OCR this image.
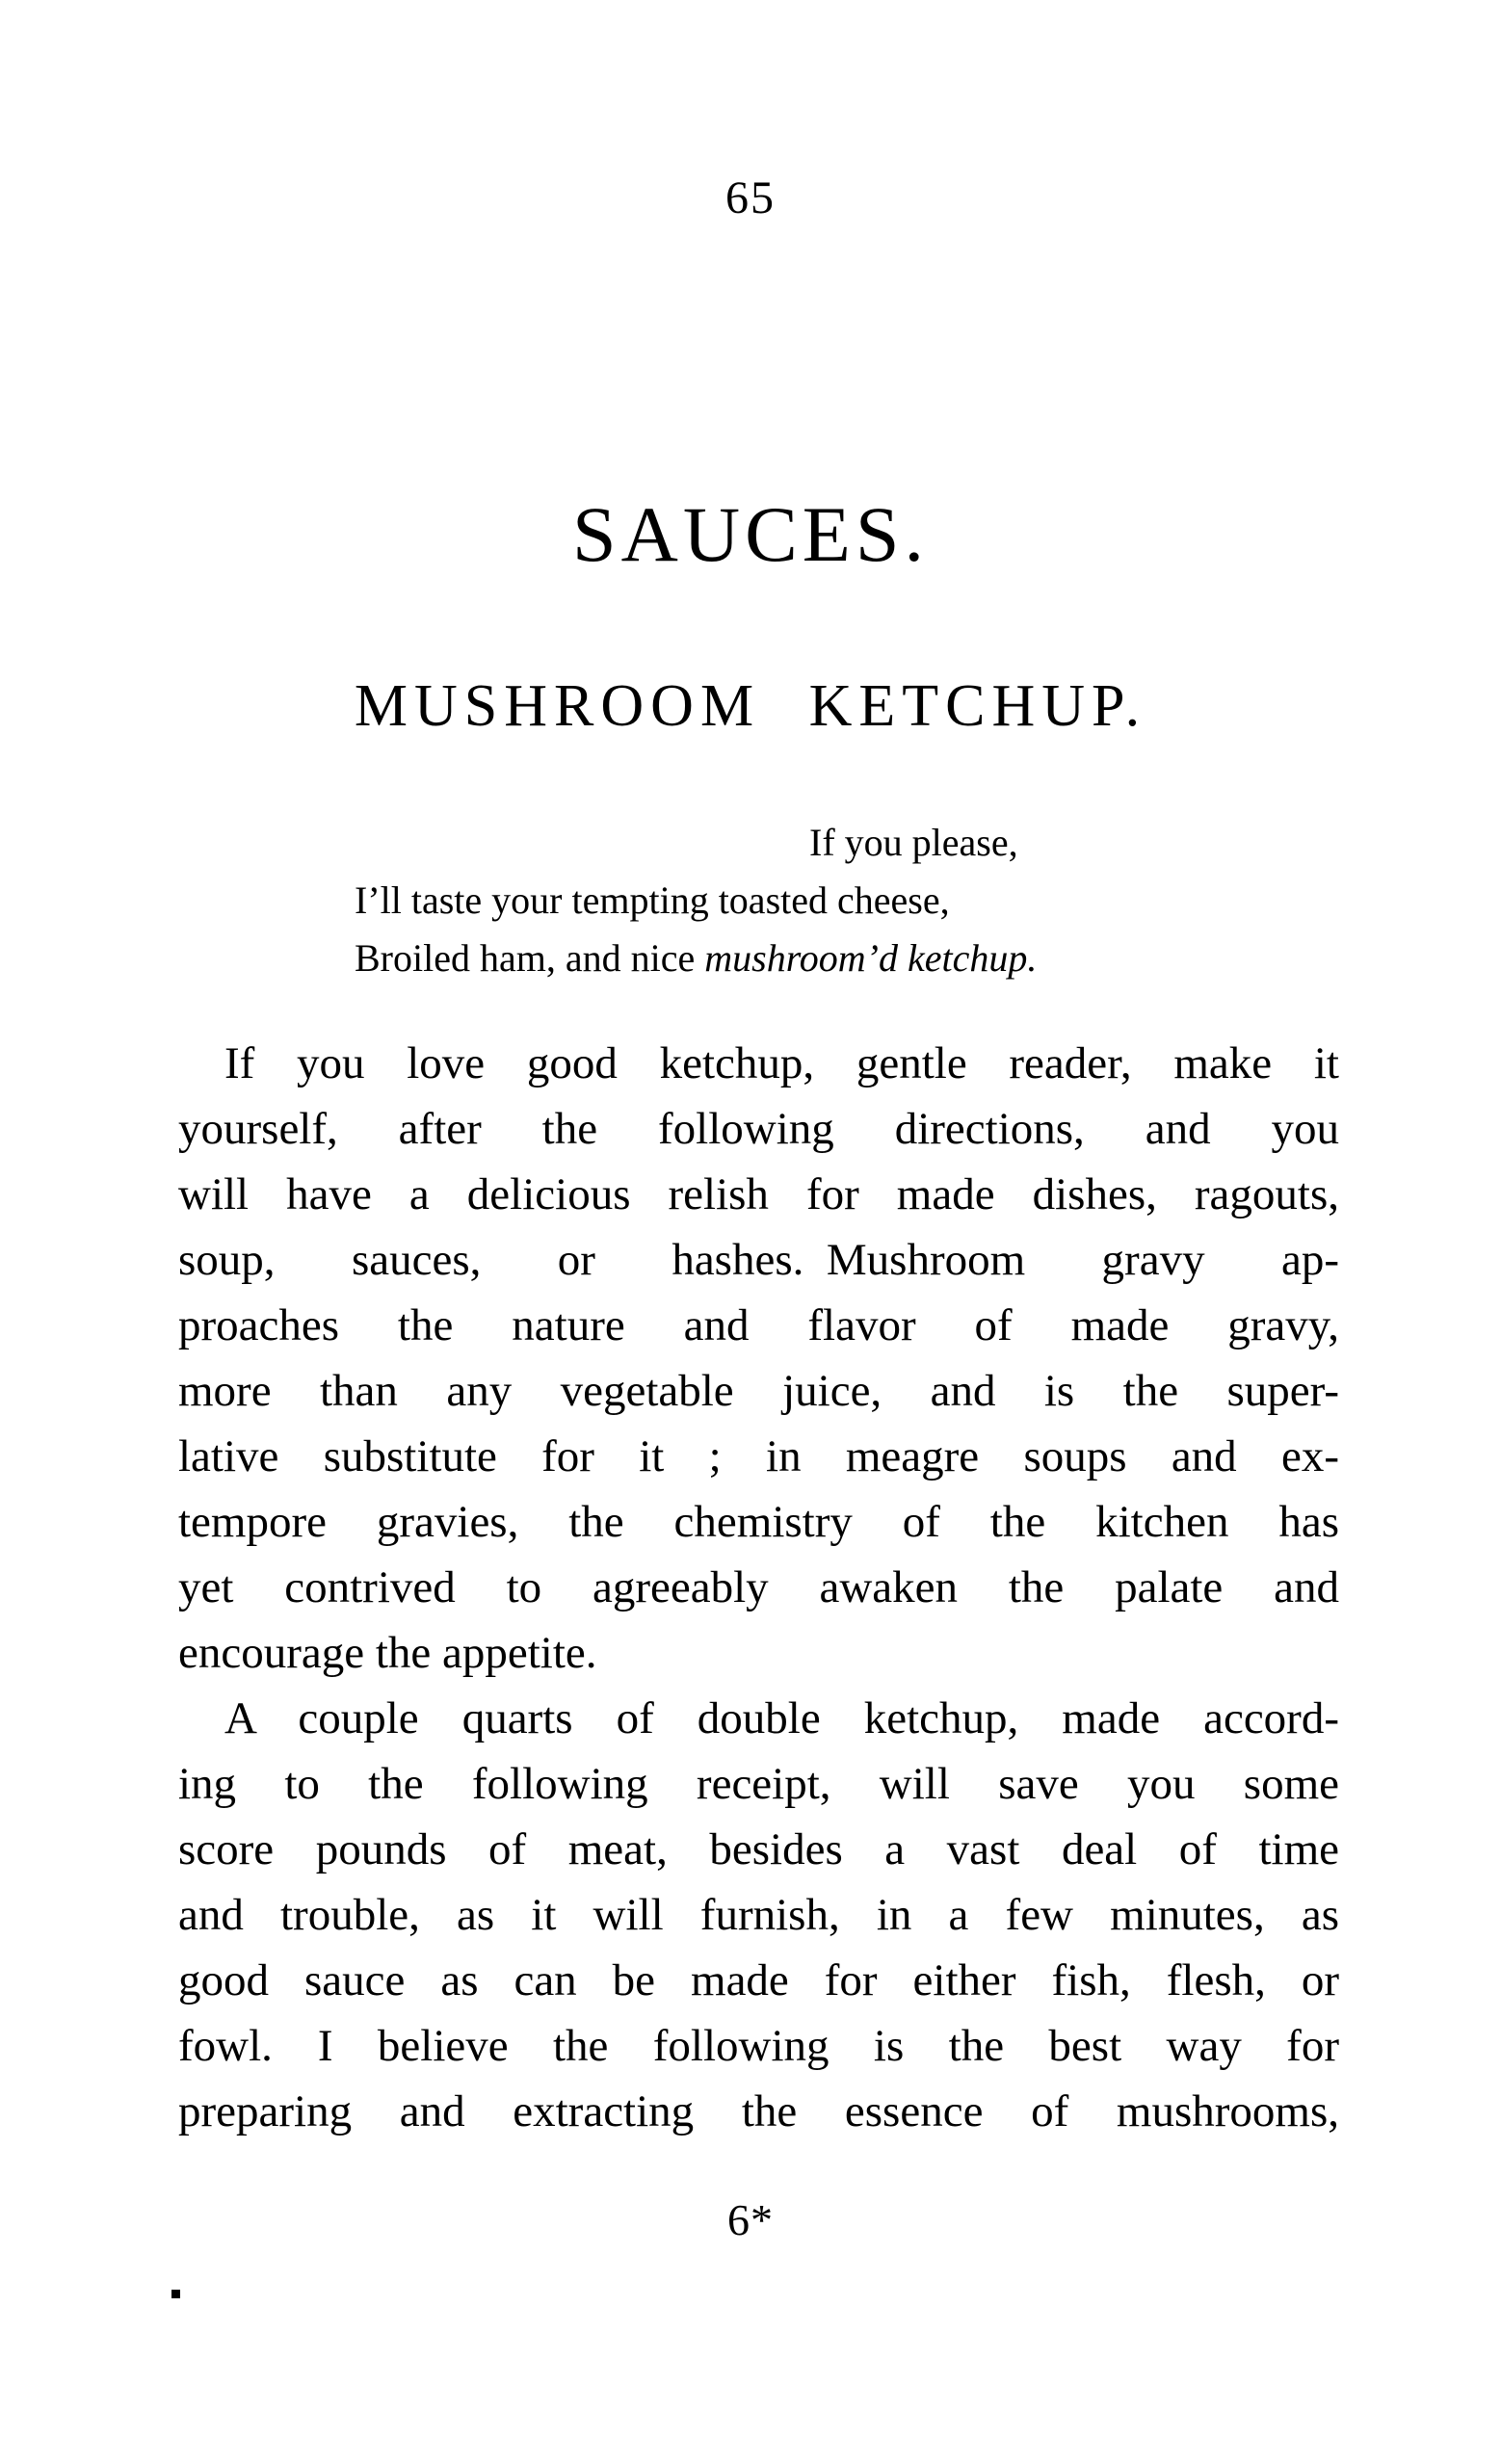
65
SAUCES.
MUSHROOM KETCHUP.
If you please,
I’ll taste your tempting toasted cheese,
Broiled ham, and nice mushroom’d ketchup.
If you love good ketchup, gentle reader, make it
yourself, after the following directions, and you
will have a delicious relish for made dishes, ragouts,
soup, sauces, or hashes. Mushroom gravy ap-
proaches the nature and flavor of made gravy,
more than any vegetable juice, and is the super-
lative substitute for it ; in meagre soups and ex-
tempore gravies, the chemistry of the kitchen has
yet contrived to agreeably awaken the palate and
encourage the appetite.
A couple quarts of double ketchup, made accord-
ing to the following receipt, will save you some
score pounds of meat, besides a vast deal of time
and trouble, as it will furnish, in a few minutes, as
good sauce as can be made for either fish, flesh, or
fowl. I believe the following is the best way for
preparing and extracting the essence of mushrooms,
6*
